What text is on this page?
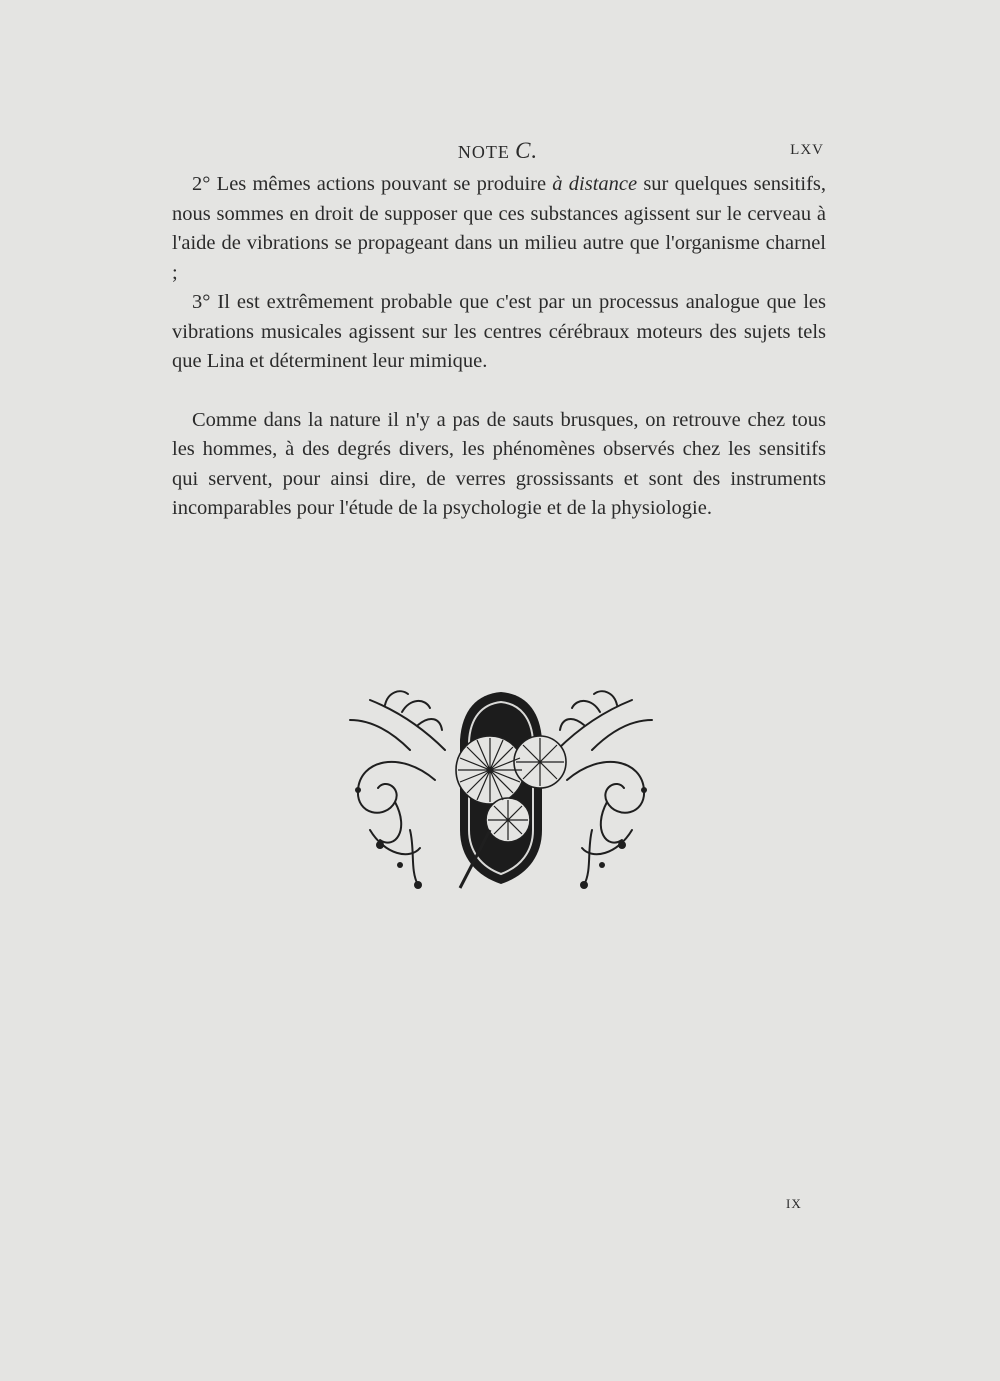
NOTE C.	LXV

2° Les mêmes actions pouvant se produire à distance sur quelques sensitifs, nous sommes en droit de supposer que ces substances agissent sur le cerveau à l'aide de vibrations se propageant dans un milieu autre que l'organisme charnel ;

3° Il est extrêmement probable que c'est par un processus analogue que les vibrations musicales agissent sur les centres cérébraux moteurs des sujets tels que Lina et déterminent leur mimique.

Comme dans la nature il n'y a pas de sauts brusques, on retrouve chez tous les hommes, à des degrés divers, les phénomènes observés chez les sensitifs qui servent, pour ainsi dire, de verres grossissants et sont des instruments incomparables pour l'étude de la psychologie et de la physiologie.

IX
